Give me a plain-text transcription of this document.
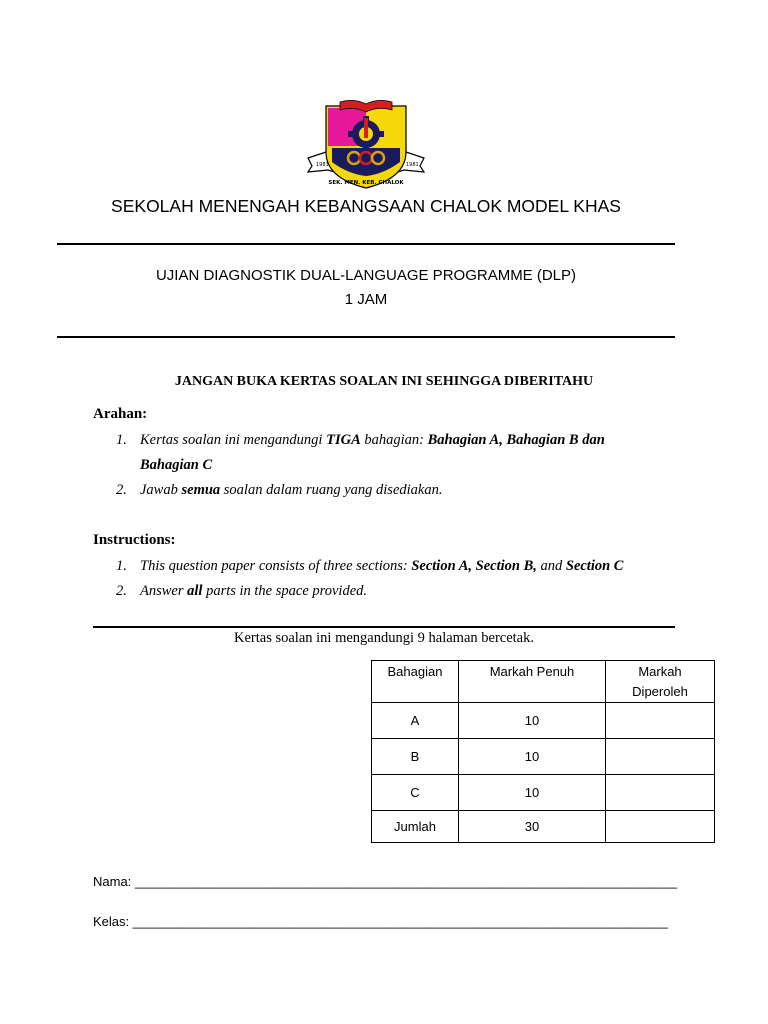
1981	1981
SEK. MEN. KEB. CHALOK
SEKOLAH MENENGAH KEBANGSAAN CHALOK MODEL KHAS
UJIAN DIAGNOSTIK DUAL-LANGUAGE PROGRAMME (DLP)
1 JAM
JANGAN BUKA KERTAS SOALAN INI SEHINGGA DIBERITAHU
Arahan:
1. Kertas soalan ini mengandungi TIGA bahagian: Bahagian A, Bahagian B dan
Bahagian C
2. Jawab semua soalan dalam ruang yang disediakan.
Instructions:
1. This question paper consists of three sections: Section A, Section B, and Section C
2. Answer all parts in the space provided.
Kertas soalan ini mengandungi 9 halaman bercetak.
Bahagian	Markah Penuh	Markah Diperoleh
A	10	
B	10	
C	10	
Jumlah	30	
Nama: ___________________________________________________________________________
Kelas: __________________________________________________________________________
